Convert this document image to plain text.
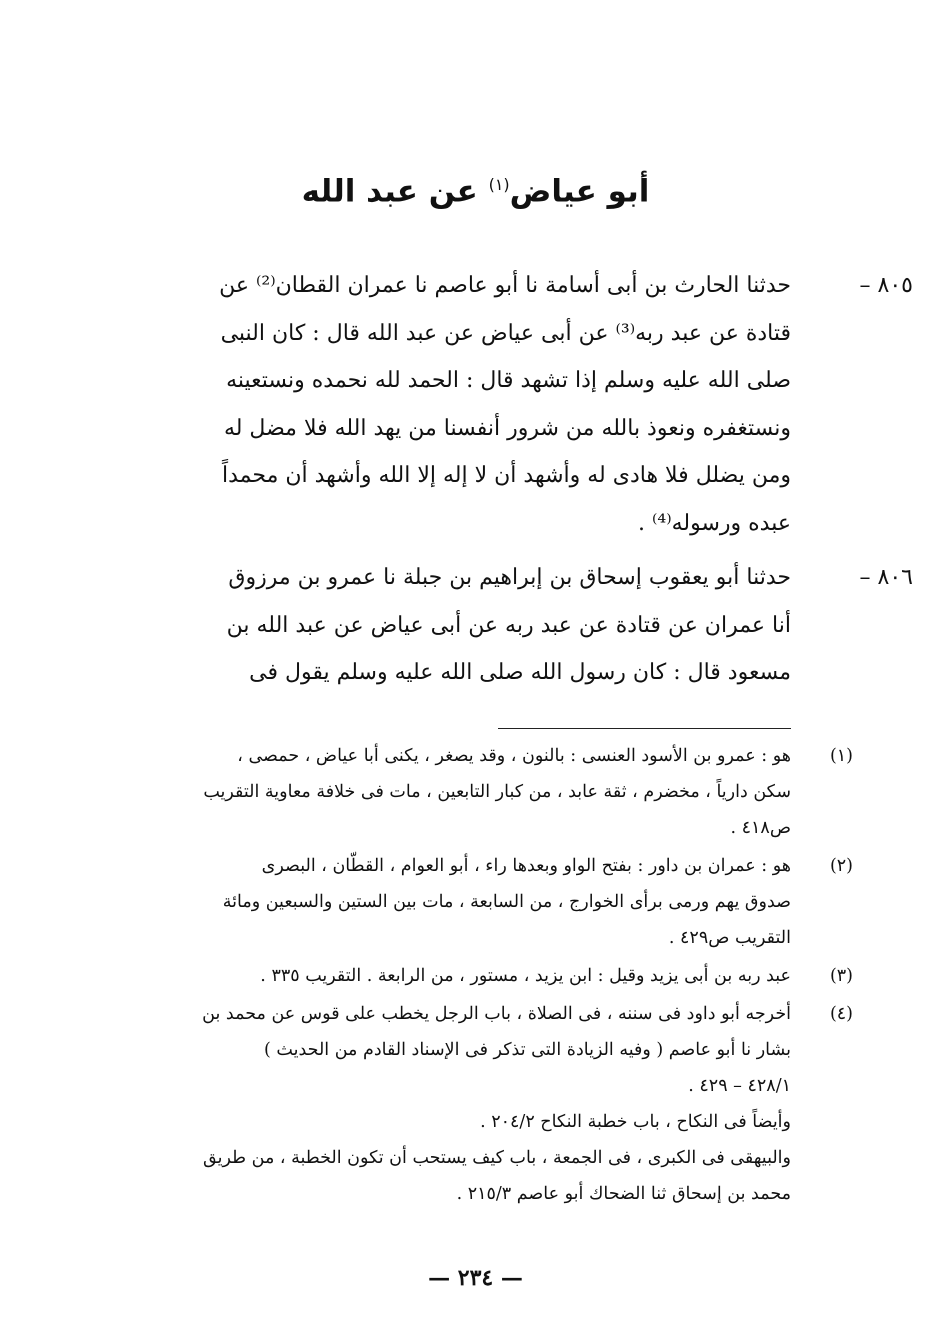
أبو عياض$^{(١)}$ عن عبد الله
٨٠٥ –

حدثنا الحارث بن أبى أسامة نا أبو عاصم نا عمران القطان⁽²⁾ عن

قتادة عن عبد ربه⁽³⁾ عن أبى عياض عن عبد الله قال : كان النبى

صلى الله عليه وسلم إذا تشهد قال : الحمد لله نحمده ونستعينه

ونستغفره ونعوذ بالله من شرور أنفسنا من يهد الله فلا مضل له

ومن يضلل فلا هادى له وأشهد أن لا إله إلا الله وأشهد أن محمداً

عبده ورسوله⁽⁴⁾ .

٨٠٦ –

حدثنا أبو يعقوب إسحاق بن إبراهيم بن جبلة نا عمرو بن مرزوق

أنا عمران عن قتادة عن عبد ربه عن أبى عياض عن عبد الله بن

مسعود قال : كان رسول الله صلى الله عليه وسلم يقول فى

(١)

هو : عمرو بن الأسود العنسى : بالنون ، وقد يصغر ، يكنى أبا عياض ، حمصى ،

سكن دارياً ، مخضرم ، ثقة عابد ، من كبار التابعين ، مات فى خلافة معاوية التقريب

ص٤١٨ .

(٢)

هو : عمران بن داور : بفتح الواو وبعدها راء ، أبو العوام ، القطّان ، البصرى

صدوق يهم ورمى برأى الخوارج ، من السابعة ، مات بين الستين والسبعين ومائة

التقريب ص٤٢٩ .

(٣)

عبد ربه بن أبى يزيد وقيل : ابن يزيد ، مستور ، من الرابعة . التقريب ٣٣٥ .

(٤)

أخرجه أبو داود فى سننه ، فى الصلاة ، باب الرجل يخطب على قوس عن محمد بن

بشار نا أبو عاصم ( وفيه الزيادة التى تذكر فى الإسناد القادم من الحديث )

٤٢٨/١ – ٤٢٩ .

وأيضاً فى النكاح ، باب خطبة النكاح ٢٠٤/٢ .

والبيهقى فى الكبرى ، فى الجمعة ، باب كيف يستحب أن تكون الخطبة ، من طريق

محمد بن إسحاق ثنا الضحاك أبو عاصم ٢١٥/٣ .

— ٢٣٤ —
